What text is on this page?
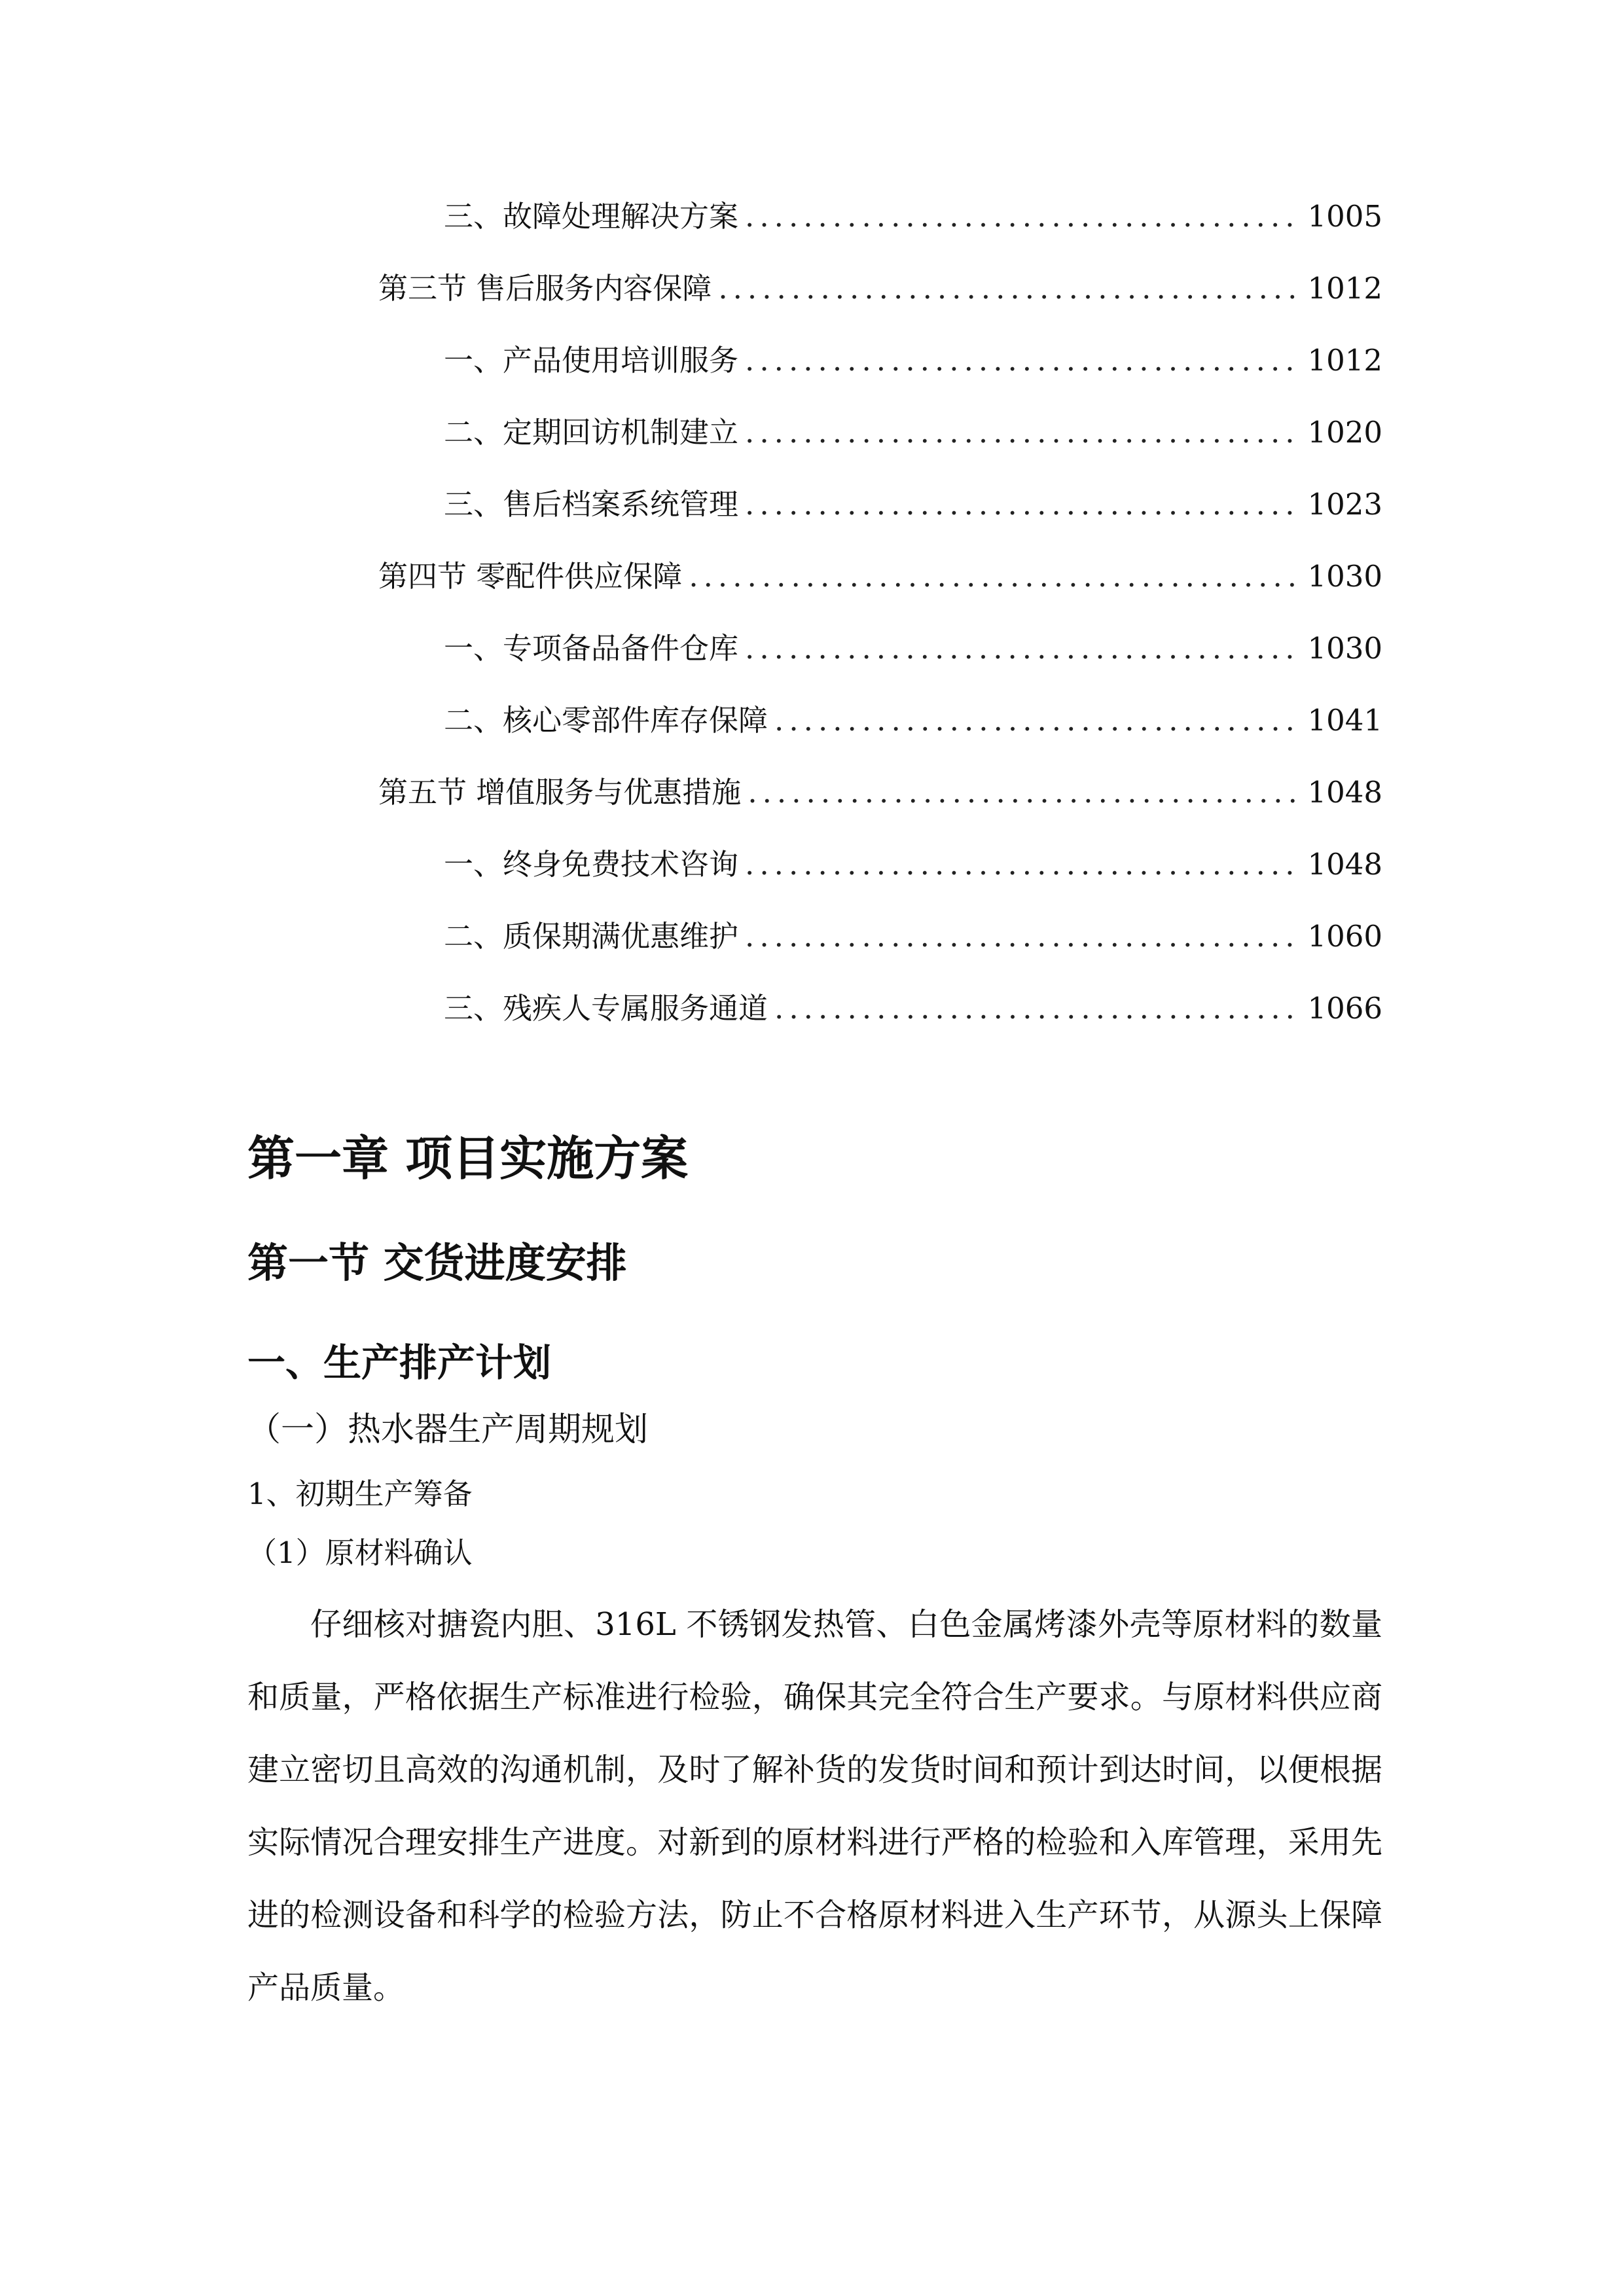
三、 故障处理解决方案 .....	1005
第三节 售后服务内容保障 .....	1012
一、 产品使用培训服务 .....	1012
二、 定期回访机制建立 .....	1020
三、 售后档案系统管理 .....	1023
第四节 零配件供应保障 .....	1030
一、 专项备品备件仓库 .....	1030
二、 核心零部件库存保障 .....	1041
第五节 增值服务与优惠措施 .....	1048
一、 终身免费技术咨询 .....	1048
二、 质保期满优惠维护 .....	1060
三、 残疾人专属服务通道 .....	1066
第一章 项目实施方案
第一节 交货进度安排
一、生产排产计划
（一）热水器生产周期规划
1、初期生产筹备
（1）原材料确认

仔细核对搪瓷内胆、316L 不锈钢发热管、白色金属烤漆外壳等原材料的数量和质量，严格依据生产标准进行检验，确保其完全符合生产要求。与原材料供应商建立密切且高效的沟通机制，及时了解补货的发货时间和预计到达时间，以便根据实际情况合理安排生产进度。对新到的原材料进行严格的检验和入库管理，采用先进的检测设备和科学的检验方法，防止不合格原材料进入生产环节，从源头上保障产品质量。
